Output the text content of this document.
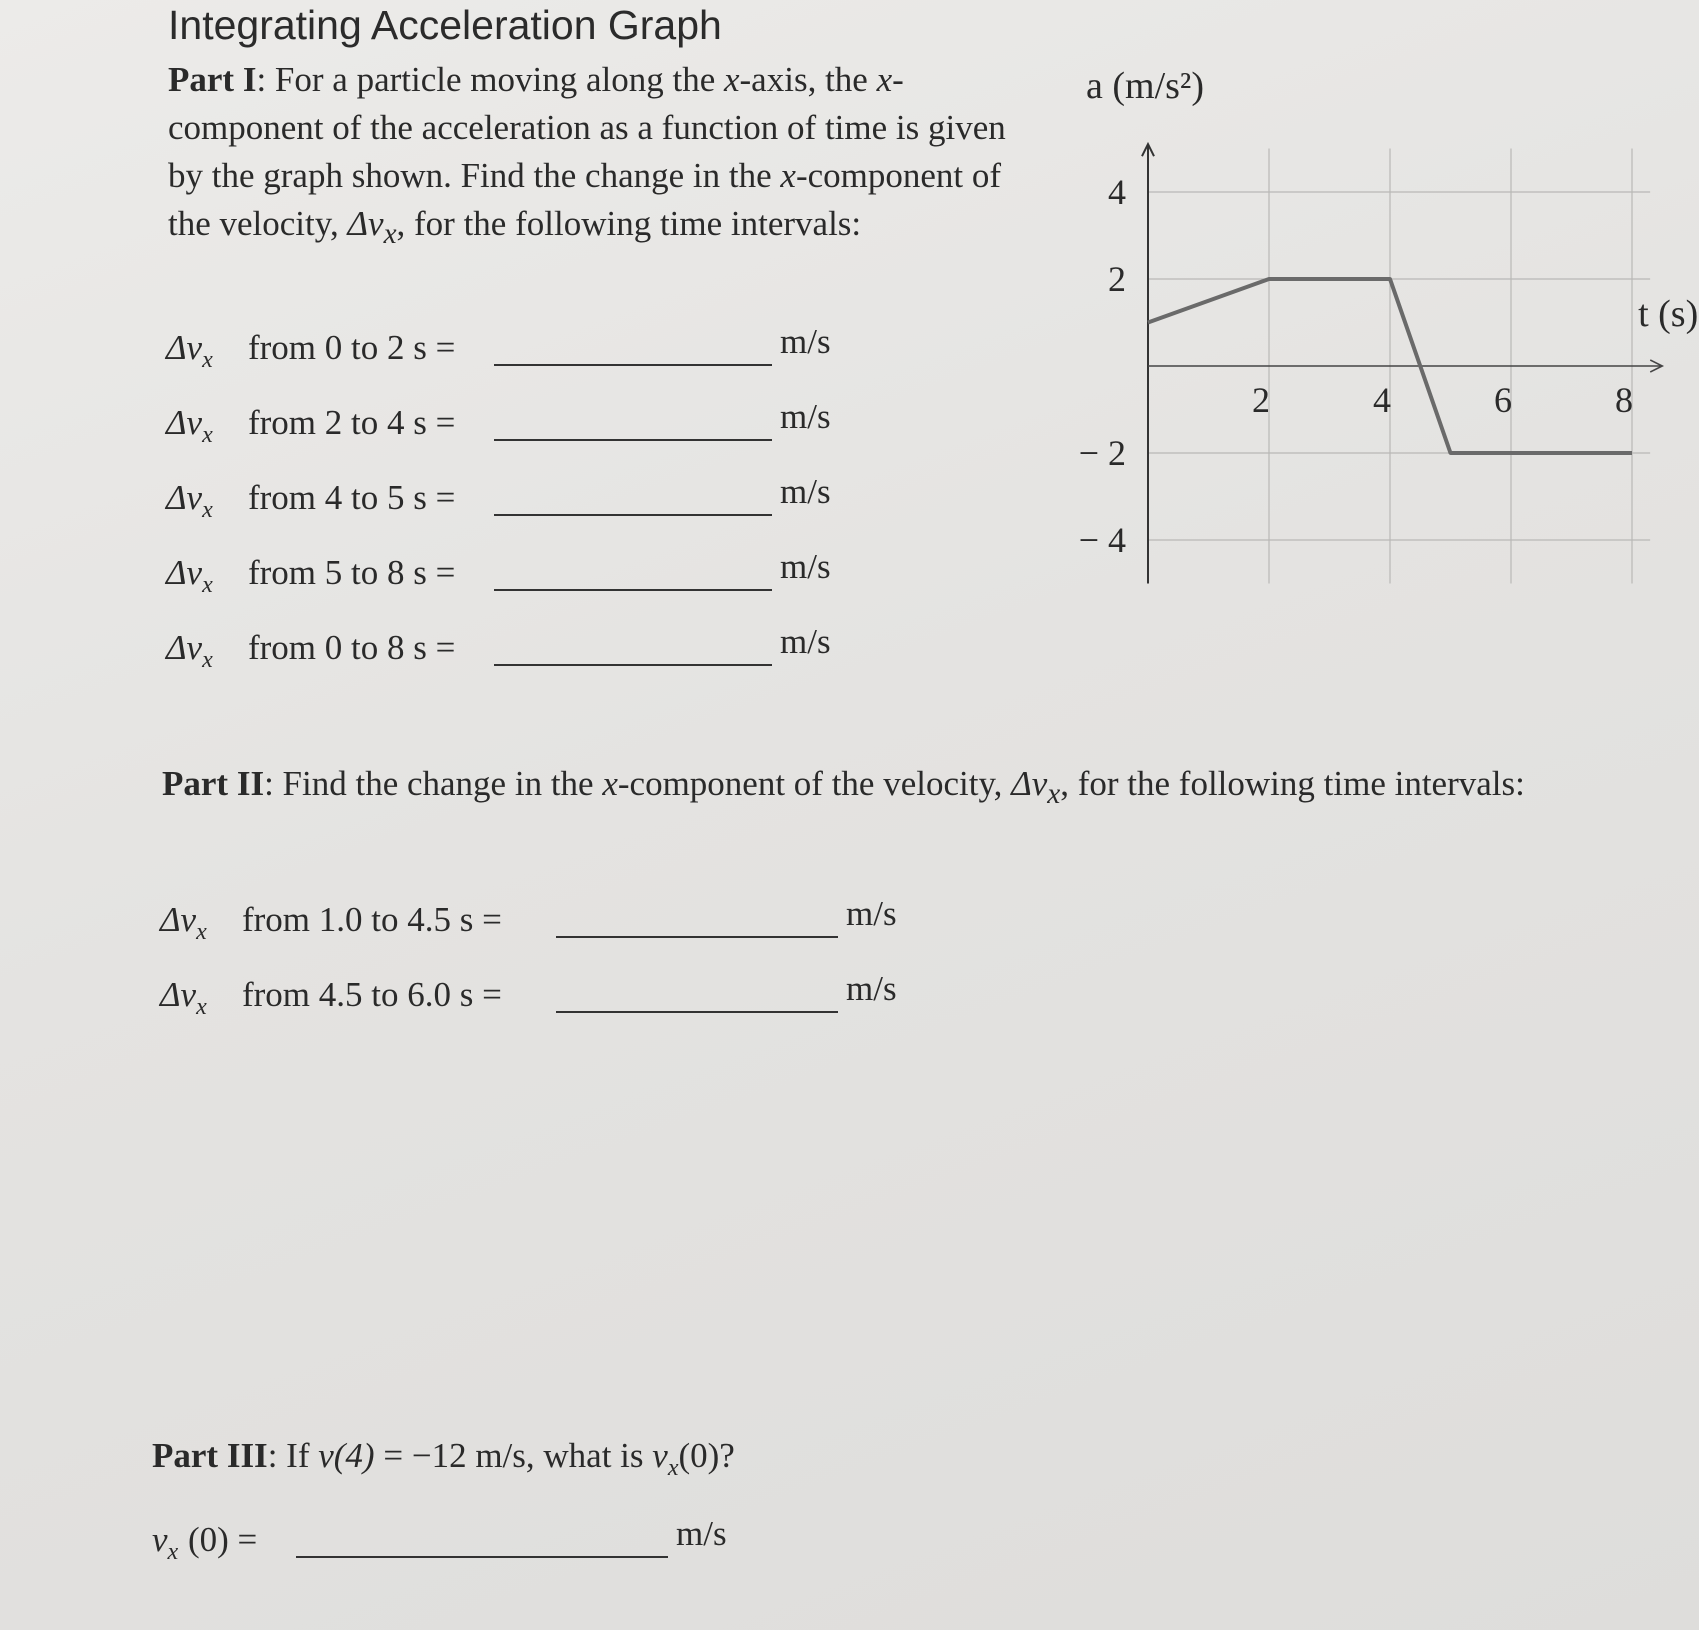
Integrating Acceleration Graph
Part I: For a particle moving along the x-axis, the x-component of the acceleration as a function of time is given by the graph shown. Find the change in the x-component of the velocity, $\Delta v_x$, for the following time intervals:
$\Delta v_x$ from 0 to 2 s =	m/s
$\Delta v_x$ from 2 to 4 s =	m/s
$\Delta v_x$ from 4 to 5 s =	m/s
$\Delta v_x$ from 5 to 8 s =	m/s
$\Delta v_x$ from 0 to 8 s =	m/s
Part II: Find the change in the x-component of the velocity, $\Delta v_x$, for the following time intervals:
$\Delta v_x$ from 1.0 to 4.5 s =	m/s
$\Delta v_x$ from 4.5 to 6.0 s =	m/s
Part III: If v(4) = −12 m/s, what is $v_x(0)$?
$v_x$ (0) =	m/s
2	4	6	8
4
2
− 2
− 4
a (m/s²)
t (s)
